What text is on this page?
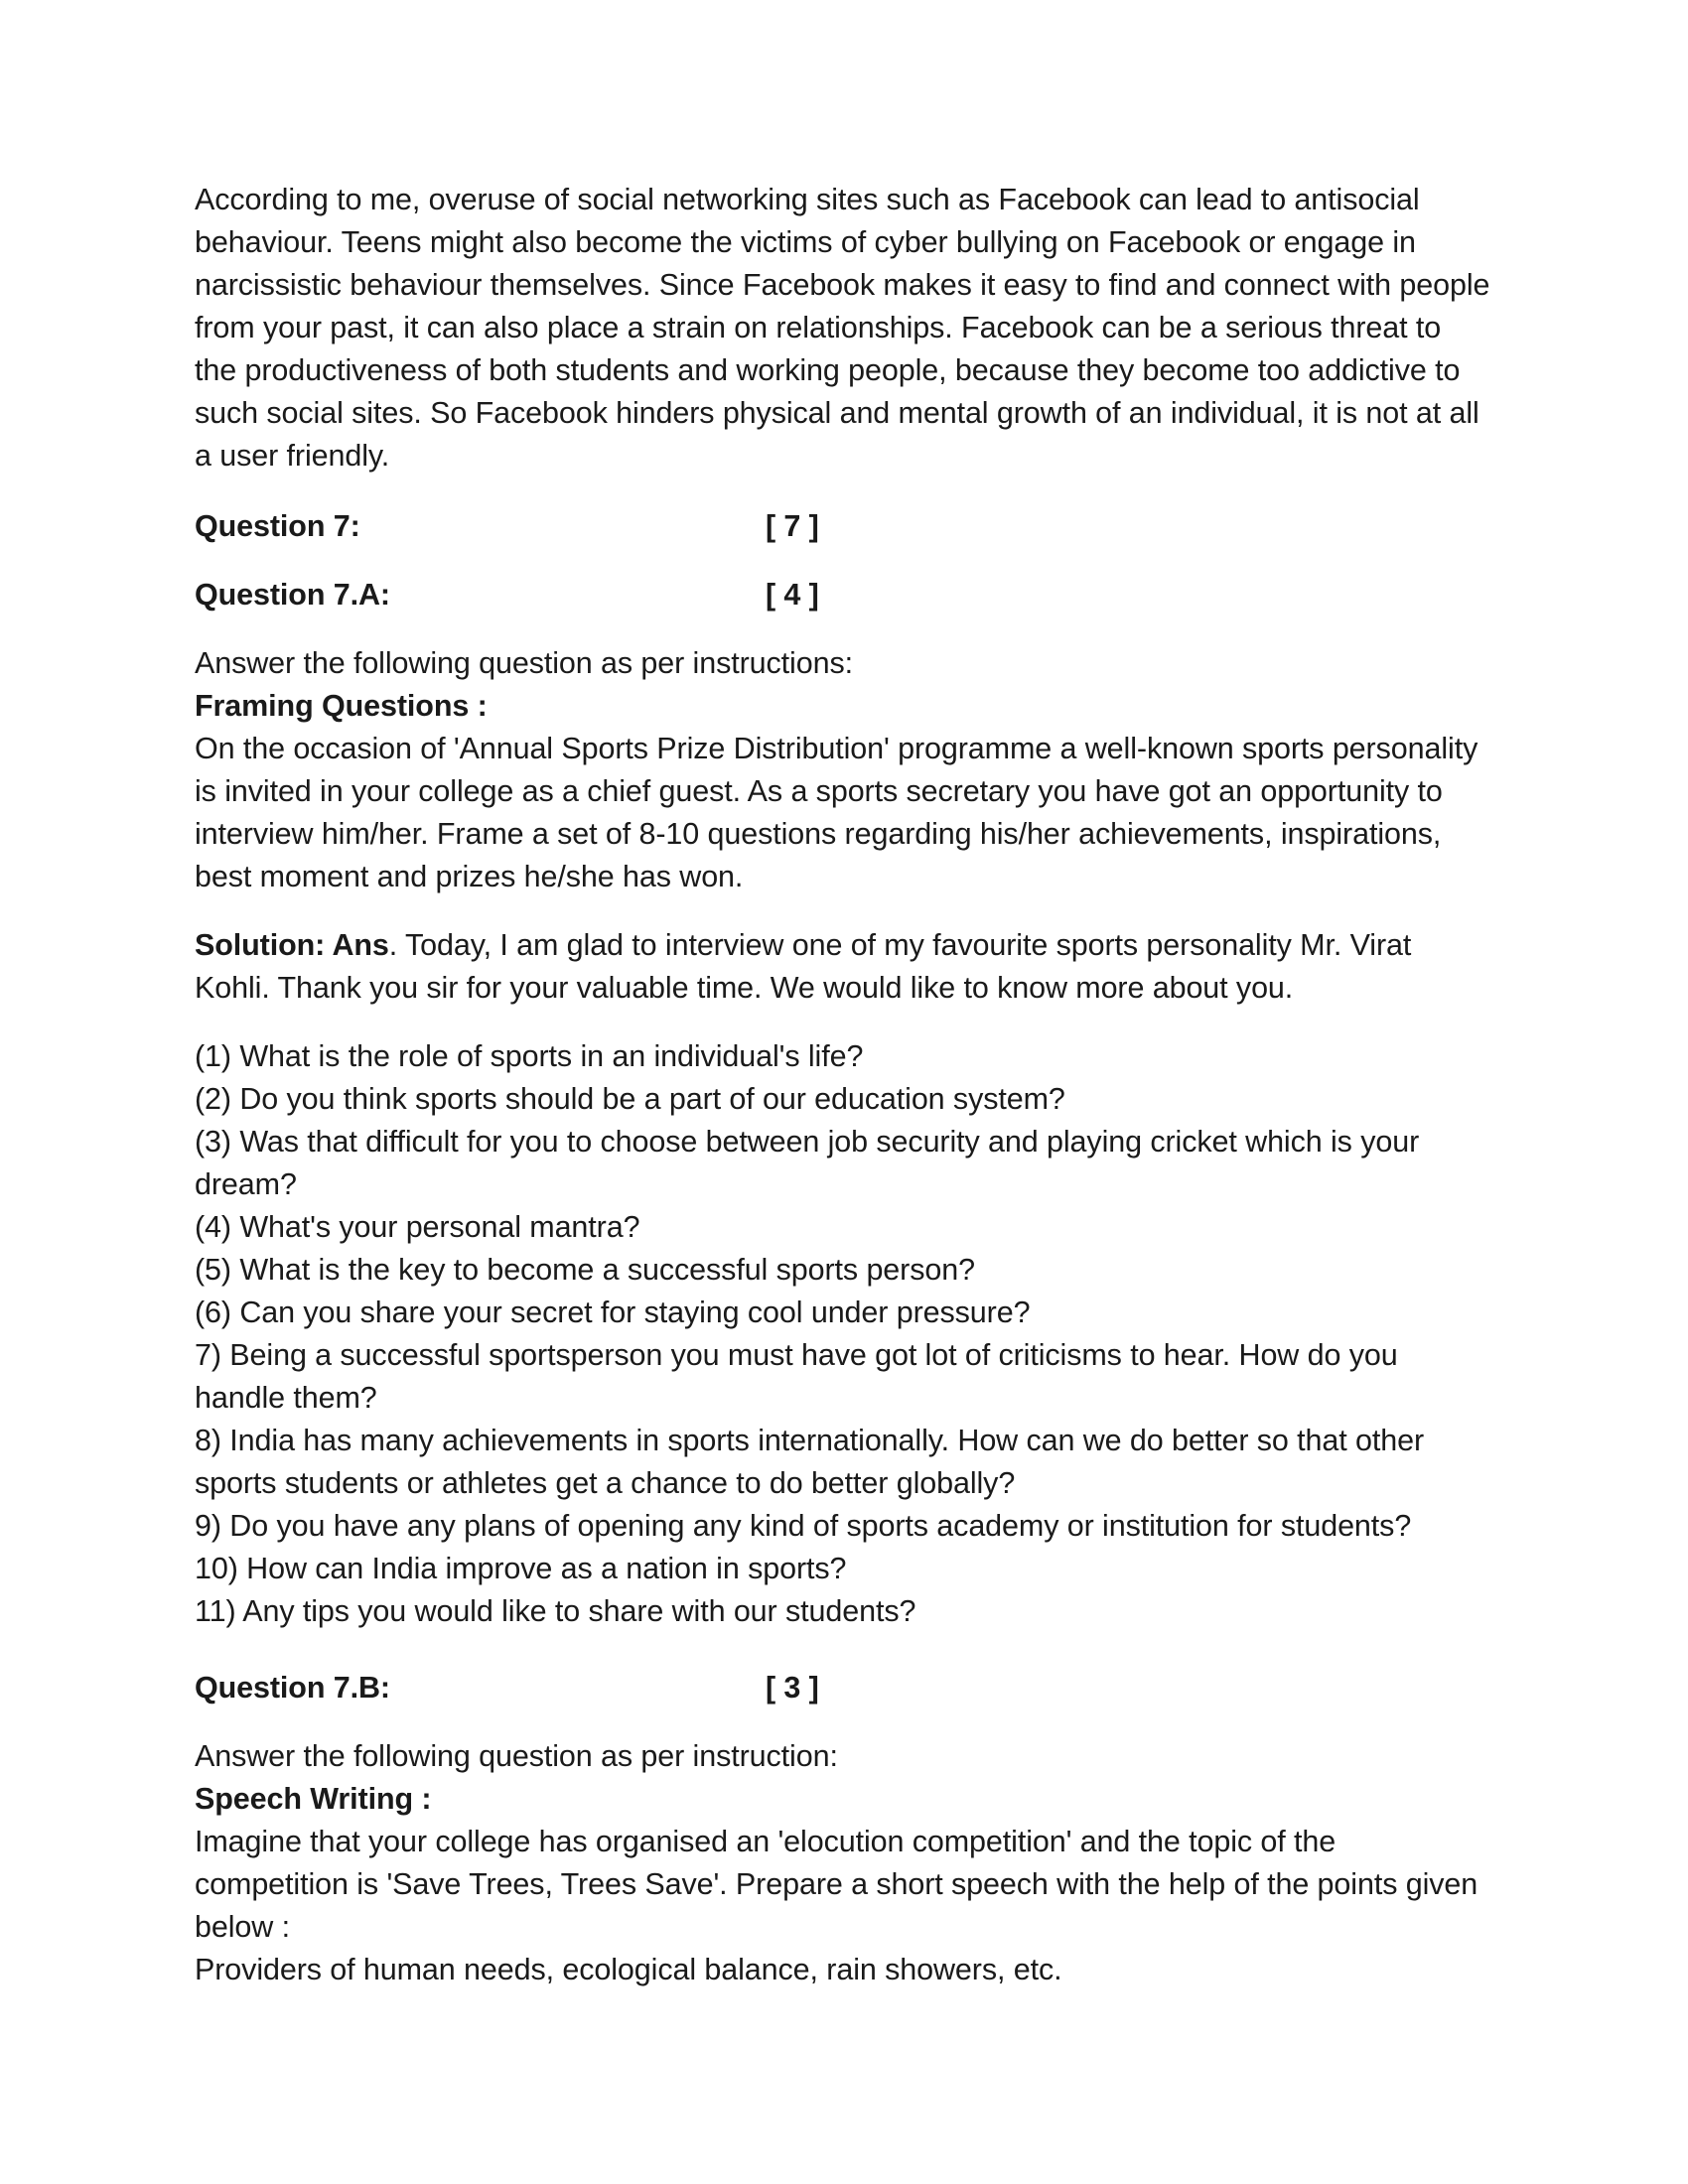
According to me, overuse of social networking sites such as Facebook can lead to antisocial behaviour. Teens might also become the victims of cyber bullying on Facebook or engage in narcissistic behaviour themselves. Since Facebook makes it easy to find and connect with people from your past, it can also place a strain on relationships. Facebook can be a serious threat to the productiveness of both students and working people, because they become too addictive to such social sites. So Facebook hinders physical and mental growth of an individual, it is not at all a user friendly.

Question 7:	[ 7 ]
Question 7.A:	[ 4 ]

Answer the following question as per instructions:

Framing Questions :

On the occasion of 'Annual Sports Prize Distribution' programme a well-known sports personality is invited in your college as a chief guest. As a sports secretary you have got an opportunity to interview him/her. Frame a set of 8-10 questions regarding his/her achievements, inspirations, best moment and prizes he/she has won.

Solution: Ans. Today, I am glad to interview one of my favourite sports personality Mr. Virat Kohli. Thank you sir for your valuable time. We would like to know more about you.

(1) What is the role of sports in an individual's life?

(2) Do you think sports should be a part of our education system?

(3) Was that difficult for you to choose between job security and playing cricket which is your dream?

(4) What's your personal mantra?

(5) What is the key to become a successful sports person?

(6) Can you share your secret for staying cool under pressure?

7) Being a successful sportsperson you must have got lot of criticisms to hear. How do you handle them?

8) India has many achievements in sports internationally. How can we do better so that other sports students or athletes get a chance to do better globally?

9) Do you have any plans of opening any kind of sports academy or institution for students?

10) How can India improve as a nation in sports?

11) Any tips you would like to share with our students?

Question 7.B:	[ 3 ]

Answer the following question as per instruction:

Speech Writing :

Imagine that your college has organised an 'elocution competition' and the topic of the competition is 'Save Trees, Trees Save'. Prepare a short speech with the help of the points given below :

Providers of human needs, ecological balance, rain showers, etc.
